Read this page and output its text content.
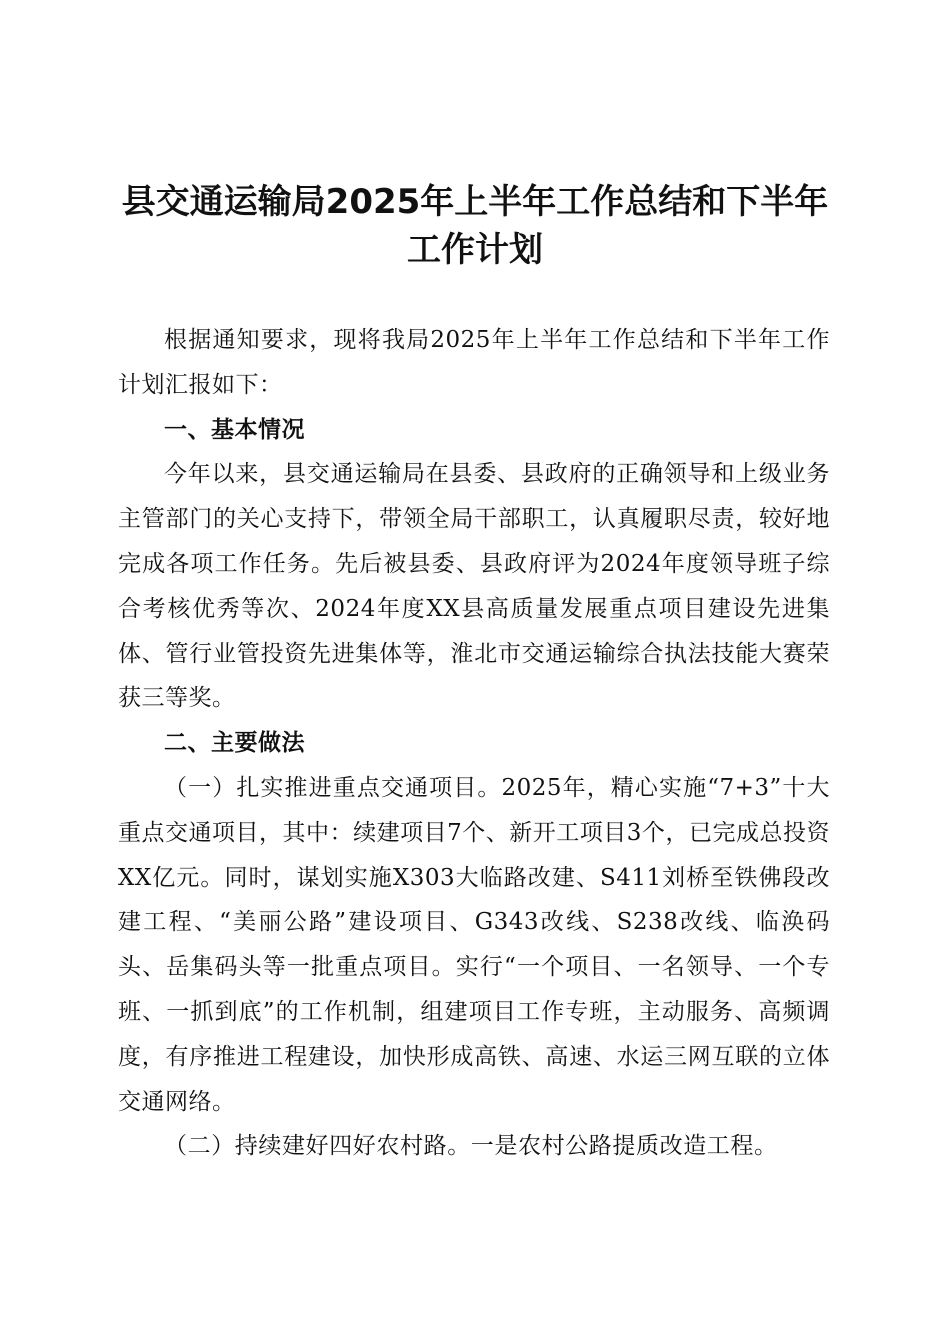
县交通运输局2025年上半年工作总结和下半年工作计划

根据通知要求，现将我局2025年上半年工作总结和下半年工作计划汇报如下：

一、基本情况

今年以来，县交通运输局在县委、县政府的正确领导和上级业务主管部门的关心支持下，带领全局干部职工，认真履职尽责，较好地完成各项工作任务。先后被县委、县政府评为2024年度领导班子综合考核优秀等次、2024年度XX县高质量发展重点项目建设先进集体、管行业管投资先进集体等，淮北市交通运输综合执法技能大赛荣获三等奖。

二、主要做法

（一）扎实推进重点交通项目。2025年，精心实施“7+3”十大重点交通项目，其中：续建项目7个、新开工项目3个，已完成总投资XX亿元。同时，谋划实施X303大临路改建、S411刘桥至铁佛段改建工程、“美丽公路”建设项目、G343改线、S238改线、临涣码头、岳集码头等一批重点项目。实行“一个项目、一名领导、一个专班、一抓到底”的工作机制，组建项目工作专班，主动服务、高频调度，有序推进工程建设，加快形成高铁、高速、水运三网互联的立体交通网络。

（二）持续建好四好农村路。一是农村公路提质改造工程。
